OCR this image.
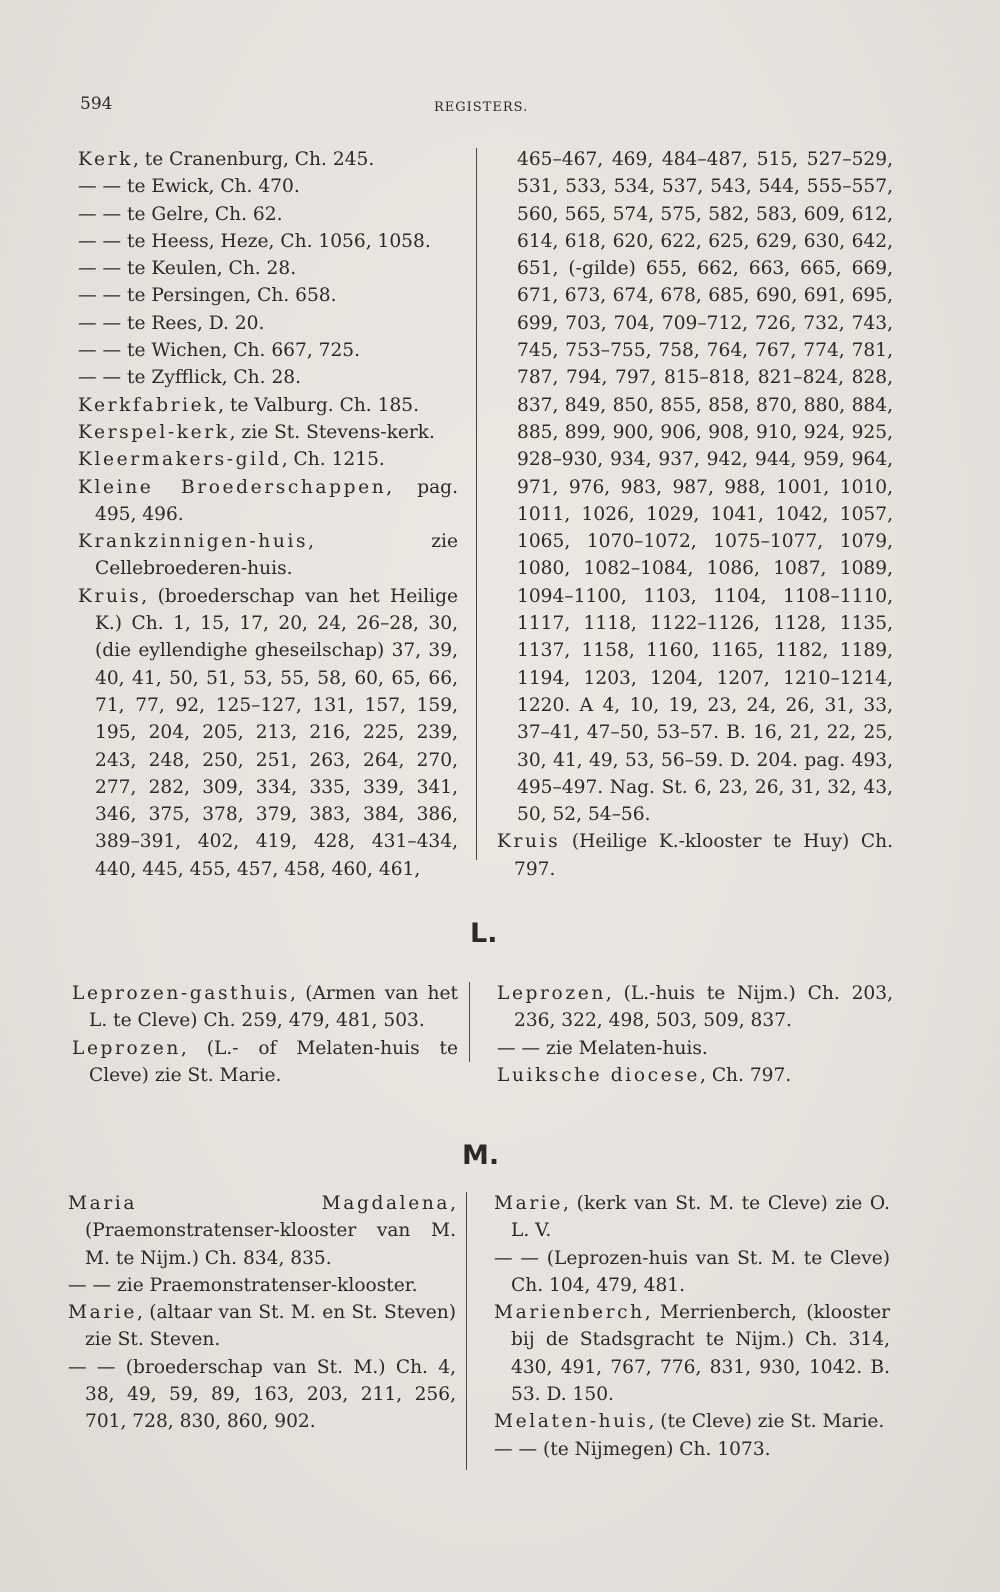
594	REGISTERS.
Kerk, te Cranenburg, Ch. 245.
— — te Ewick, Ch. 470.
— — te Gelre, Ch. 62.
— — te Heess, Heze, Ch. 1056, 1058.
— — te Keulen, Ch. 28.
— — te Persingen, Ch. 658.
— — te Rees, D. 20.
— — te Wichen, Ch. 667, 725.
— — te Zyfflick, Ch. 28.
Kerkfabriek, te Valburg. Ch. 185.
Kerspel-kerk, zie St. Stevens-kerk.
Kleermakers-gild, Ch. 1215.
Kleine Broederschappen, pag. 495, 496.
Krankzinnigen-huis, zie Cellebroederen-huis.
Kruis, (broederschap van het Heilige K.) Ch. 1, 15, 17, 20, 24, 26–28, 30, (die eyllendighe gheseilschap) 37, 39, 40, 41, 50, 51, 53, 55, 58, 60, 65, 66, 71, 77, 92, 125–127, 131, 157, 159, 195, 204, 205, 213, 216, 225, 239, 243, 248, 250, 251, 263, 264, 270, 277, 282, 309, 334, 335, 339, 341, 346, 375, 378, 379, 383, 384, 386, 389–391, 402, 419, 428, 431–434, 440, 445, 455, 457, 458, 460, 461,
465–467, 469, 484–487, 515, 527–529, 531, 533, 534, 537, 543, 544, 555–557, 560, 565, 574, 575, 582, 583, 609, 612, 614, 618, 620, 622, 625, 629, 630, 642, 651, (-gilde) 655, 662, 663, 665, 669, 671, 673, 674, 678, 685, 690, 691, 695, 699, 703, 704, 709–712, 726, 732, 743, 745, 753–755, 758, 764, 767, 774, 781, 787, 794, 797, 815–818, 821–824, 828, 837, 849, 850, 855, 858, 870, 880, 884, 885, 899, 900, 906, 908, 910, 924, 925, 928–930, 934, 937, 942, 944, 959, 964, 971, 976, 983, 987, 988, 1001, 1010, 1011, 1026, 1029, 1041, 1042, 1057, 1065, 1070–1072, 1075–1077, 1079, 1080, 1082–1084, 1086, 1087, 1089, 1094–1100, 1103, 1104, 1108–1110, 1117, 1118, 1122–1126, 1128, 1135, 1137, 1158, 1160, 1165, 1182, 1189, 1194, 1203, 1204, 1207, 1210–1214, 1220. A 4, 10, 19, 23, 24, 26, 31, 33, 37–41, 47–50, 53–57. B. 16, 21, 22, 25, 30, 41, 49, 53, 56–59. D. 204. pag. 493, 495–497. Nag. St. 6, 23, 26, 31, 32, 43, 50, 52, 54–56.
Kruis (Heilige K.-klooster te Huy) Ch. 797.
L.
Leprozen-gasthuis, (Armen van het L. te Cleve) Ch. 259, 479, 481, 503.
Leprozen, (L.- of Melaten-huis te Cleve) zie St. Marie.
Leprozen, (L.-huis te Nijm.) Ch. 203, 236, 322, 498, 503, 509, 837.
— — zie Melaten-huis.
Luiksche diocese, Ch. 797.
M.
Maria Magdalena, (Praemonstratenser-klooster van M. M. te Nijm.) Ch. 834, 835.
— — zie Praemonstratenser-klooster.
Marie, (altaar van St. M. en St. Steven) zie St. Steven.
— — (broederschap van St. M.) Ch. 4, 38, 49, 59, 89, 163, 203, 211, 256, 701, 728, 830, 860, 902.
Marie, (kerk van St. M. te Cleve) zie O. L. V.
— — (Leprozen-huis van St. M. te Cleve) Ch. 104, 479, 481.
Marienberch, Merrienberch, (klooster bij de Stadsgracht te Nijm.) Ch. 314, 430, 491, 767, 776, 831, 930, 1042. B. 53. D. 150.
Melaten-huis, (te Cleve) zie St. Marie.
— — (te Nijmegen) Ch. 1073.
